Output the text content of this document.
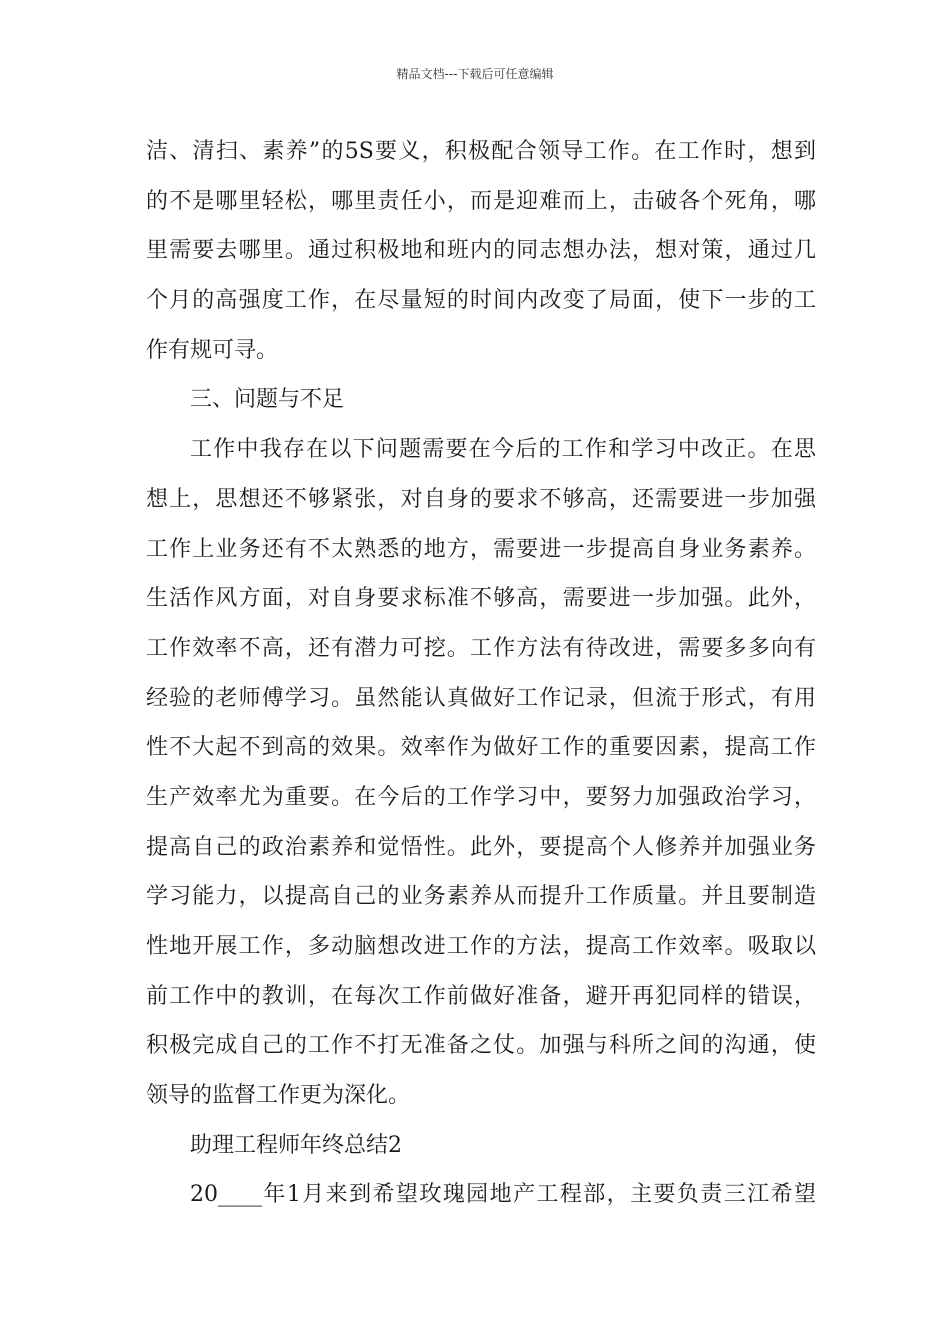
精品文档---下载后可任意编辑
洁、清扫、素养”的5S要义，积极配合领导工作。在工作时，想到
的不是哪里轻松，哪里责任小，而是迎难而上，击破各个死角，哪
里需要去哪里。通过积极地和班内的同志想办法，想对策，通过几
个月的高强度工作，在尽量短的时间内改变了局面，使下一步的工
作有规可寻。
三、问题与不足
工作中我存在以下问题需要在今后的工作和学习中改正。在思
想上，思想还不够紧张，对自身的要求不够高，还需要进一步加强
工作上业务还有不太熟悉的地方，需要进一步提高自身业务素养。
生活作风方面，对自身要求标准不够高，需要进一步加强。此外，
工作效率不高，还有潜力可挖。工作方法有待改进，需要多多向有
经验的老师傅学习。虽然能认真做好工作记录，但流于形式，有用
性不大起不到高的效果。效率作为做好工作的重要因素，提高工作
生产效率尤为重要。在今后的工作学习中，要努力加强政治学习，
提高自己的政治素养和觉悟性。此外，要提高个人修养并加强业务
学习能力，以提高自己的业务素养从而提升工作质量。并且要制造
性地开展工作，多动脑想改进工作的方法，提高工作效率。吸取以
前工作中的教训，在每次工作前做好准备，避开再犯同样的错误，
积极完成自己的工作不打无准备之仗。加强与科所之间的沟通，使
领导的监督工作更为深化。
助理工程师年终总结2
20____年1月来到希望玫瑰园地产工程部，主要负责三江希望
